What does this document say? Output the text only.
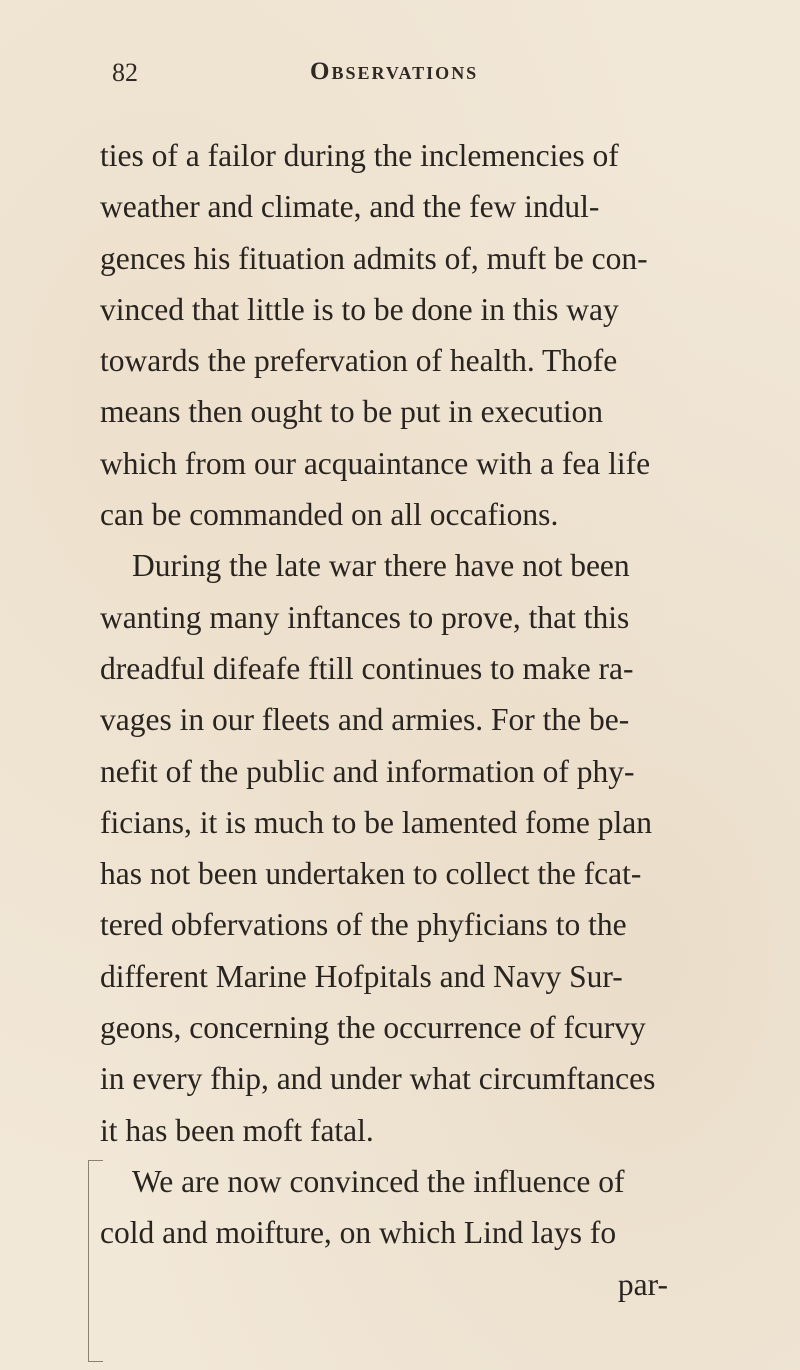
82	Observations
ties of a failor during the inclemencies of
weather and climate, and the few indul-
gences his fituation admits of, muft be con-
vinced that little is to be done in this way
towards the prefervation of health. Thofe
means then ought to be put in execution
which from our acquaintance with a fea life
can be commanded on all occafions.
During the late war there have not been
wanting many inftances to prove, that this
dreadful difeafe ftill continues to make ra-
vages in our fleets and armies. For the be-
nefit of the public and information of phy-
ficians, it is much to be lamented fome plan
has not been undertaken to collect the fcat-
tered obfervations of the phyficians to the
different Marine Hofpitals and Navy Sur-
geons, concerning the occurrence of fcurvy
in every fhip, and under what circumftances
it has been moft fatal.
We are now convinced the influence of
cold and moifture, on which Lind lays fo
par-
